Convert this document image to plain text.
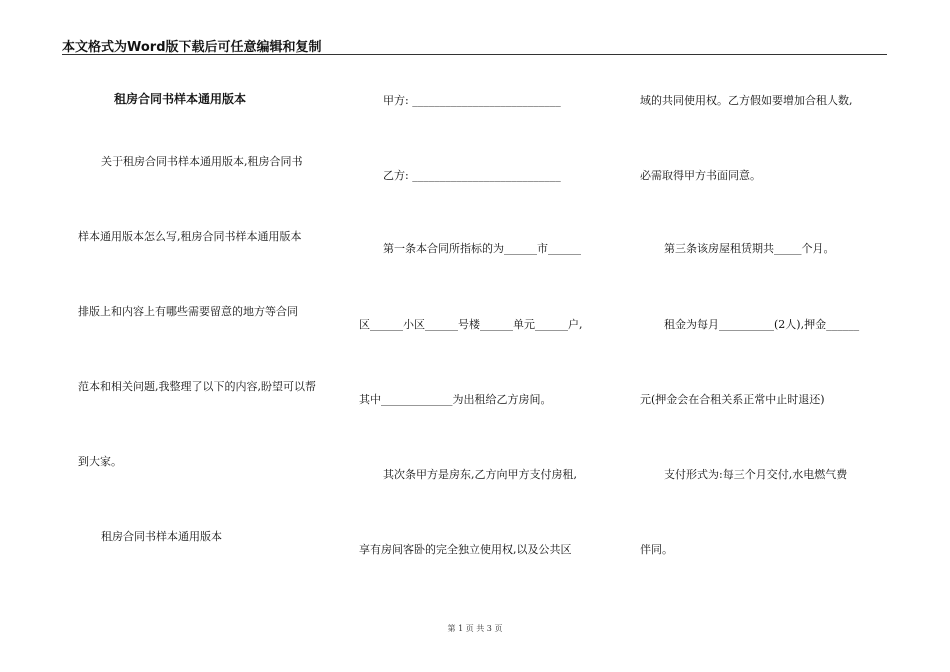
本文格式为Word版下载后可任意编辑和复制
租房合同书样本通用版本
关于租房合同书样本通用版本,租房合同书
样本通用版本怎么写,租房合同书样本通用版本
排版上和内容上有哪些需要留意的地方等合同
范本和相关问题,我整理了以下的内容,盼望可以帮
到大家。
租房合同书样本通用版本
甲方: ___________________________
乙方: ___________________________
第一条本合同所指标的为______市______
区______小区______号楼______单元______户,
其中_____________为出租给乙方房间。
其次条甲方是房东,乙方向甲方支付房租,
享有房间客卧的完全独立使用权,以及公共区
域的共同使用权。乙方假如要增加合租人数,
必需取得甲方书面同意。
第三条该房屋租赁期共_____个月。
租金为每月__________(2人),押金______
元(押金会在合租关系正常中止时退还)
支付形式为:每三个月交付,水电燃气费
伴同。
第 1 页 共 3 页
